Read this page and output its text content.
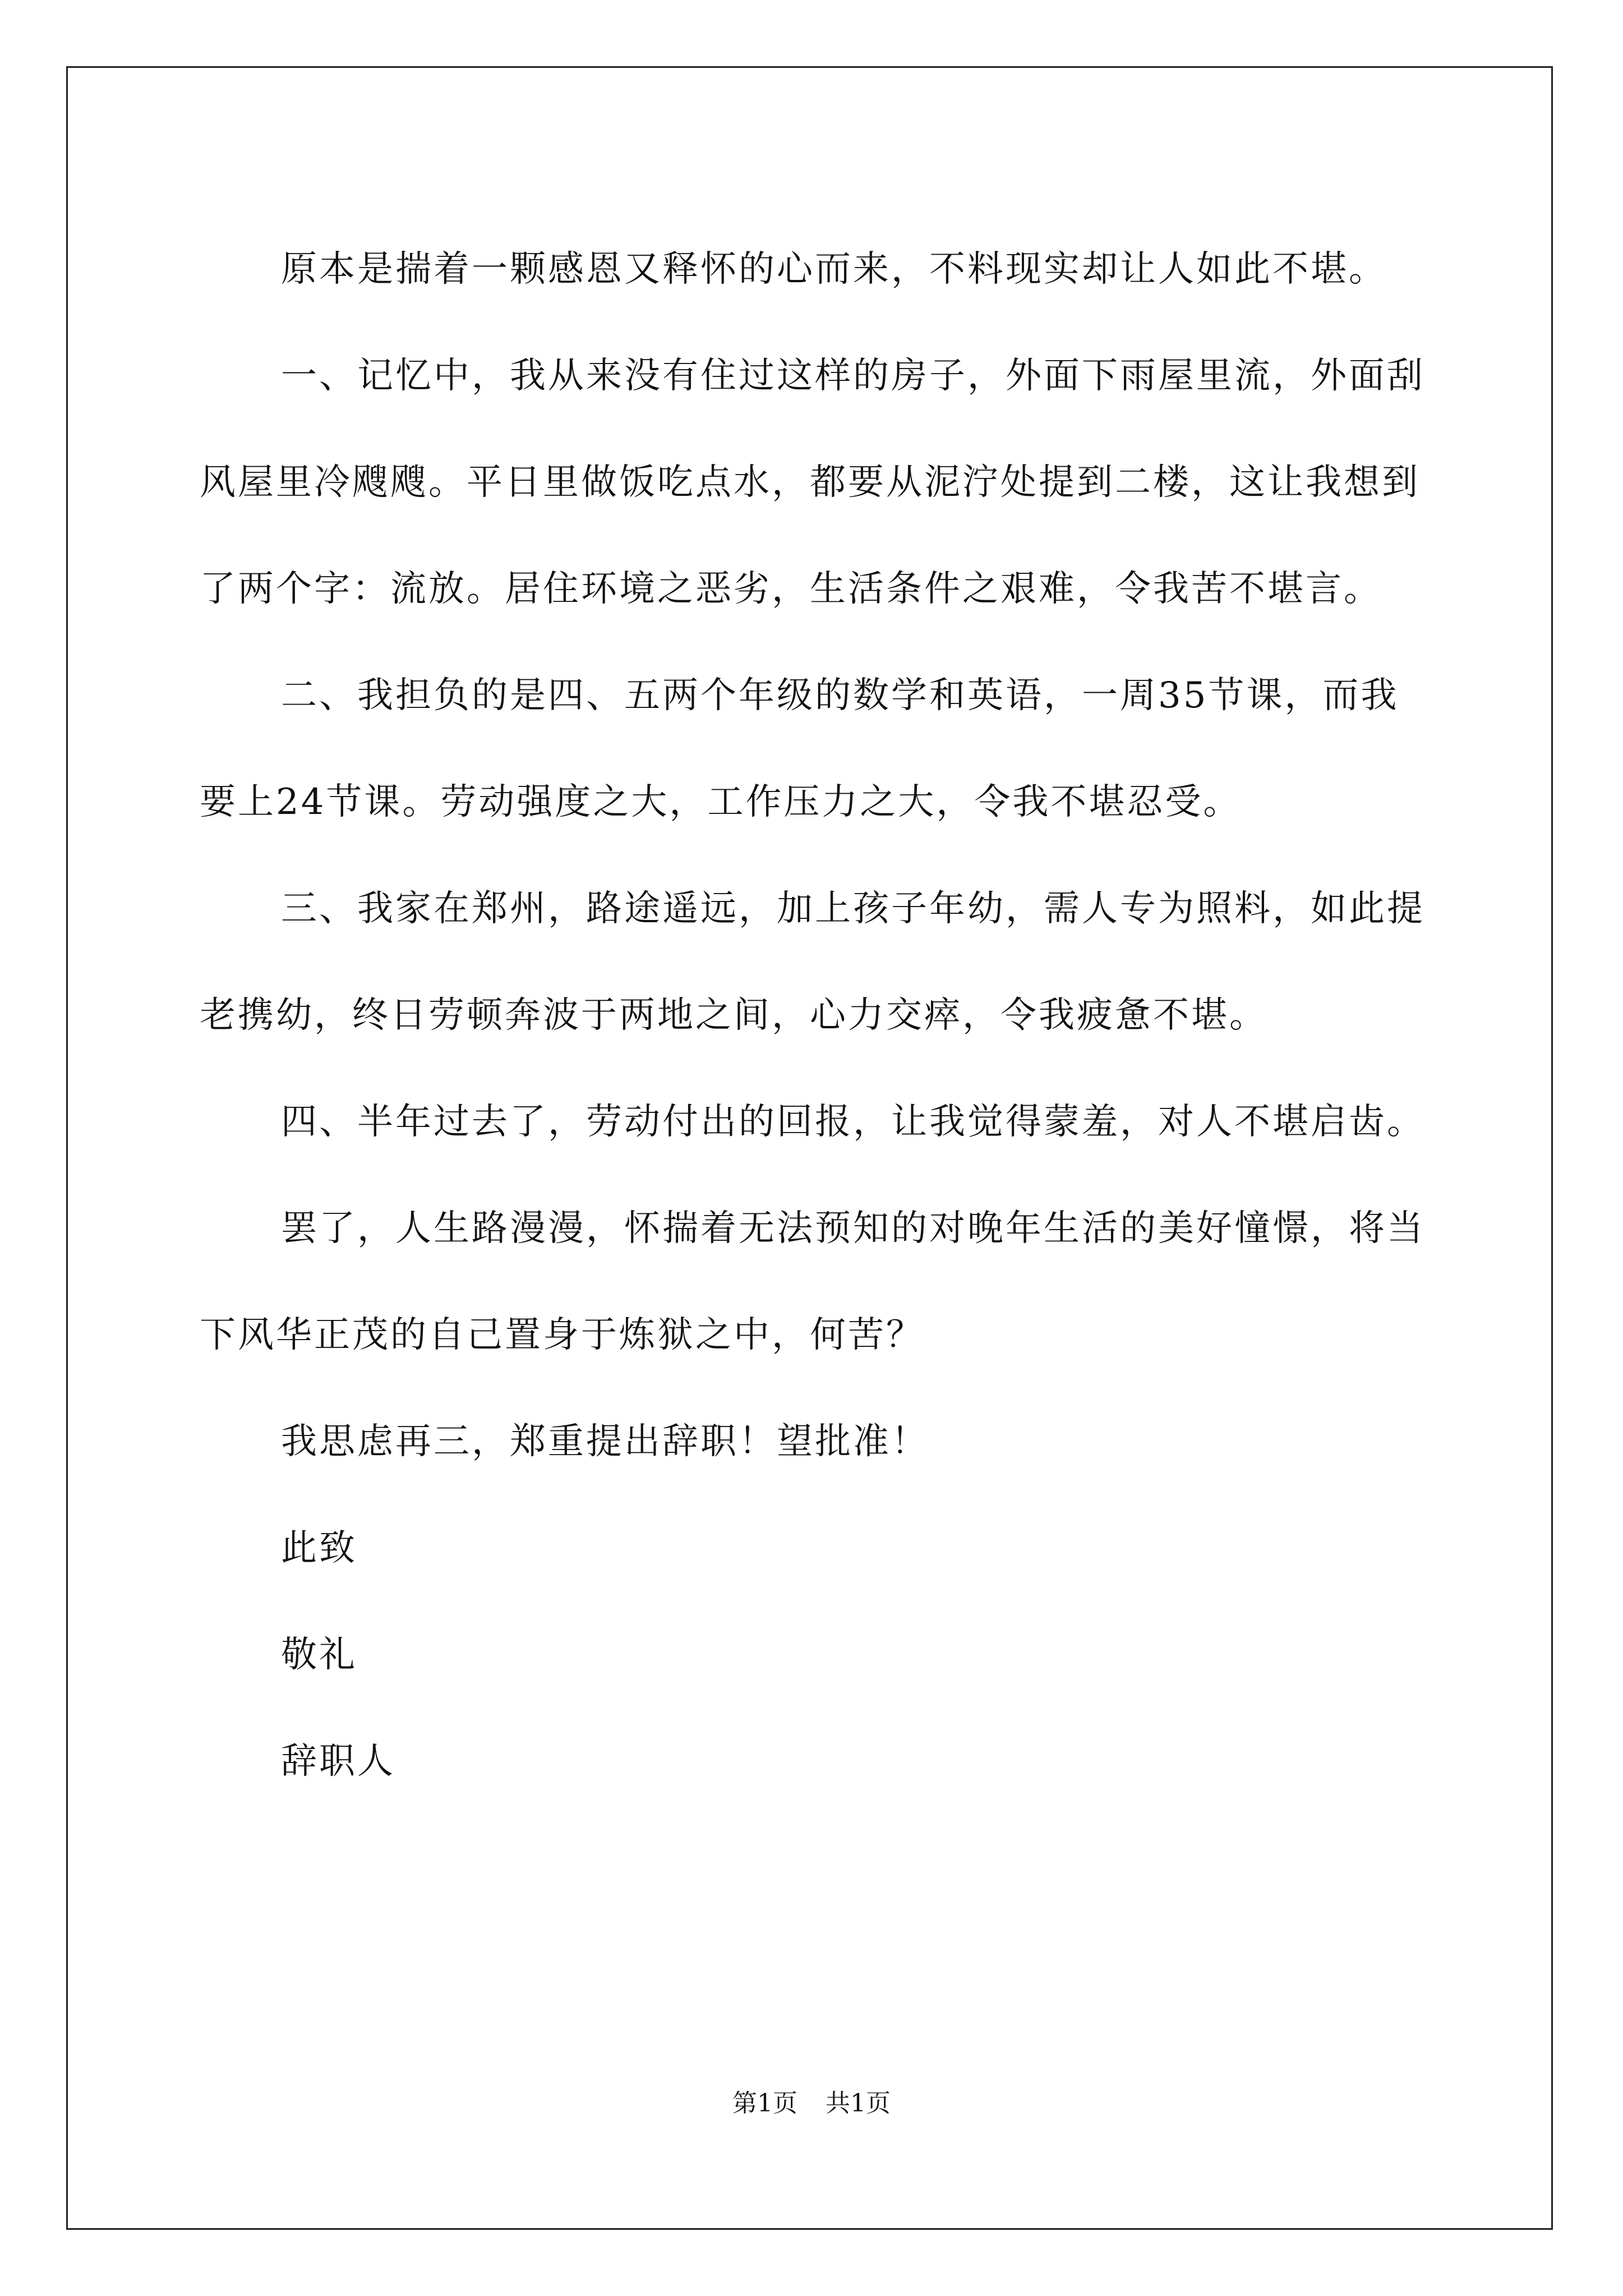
原本是揣着一颗感恩又释怀的心而来，不料现实却让人如此不堪。

一、记忆中，我从来没有住过这样的房子，外面下雨屋里流，外面刮风屋里冷飕飕。平日里做饭吃点水，都要从泥泞处提到二楼，这让我想到了两个字：流放。居住环境之恶劣，生活条件之艰难，令我苦不堪言。

二、我担负的是四、五两个年级的数学和英语，一周35节课，而我要上24节课。劳动强度之大，工作压力之大，令我不堪忍受。

三、我家在郑州，路途遥远，加上孩子年幼，需人专为照料，如此提老携幼，终日劳顿奔波于两地之间，心力交瘁，令我疲惫不堪。

四、半年过去了，劳动付出的回报，让我觉得蒙羞，对人不堪启齿。

罢了，人生路漫漫，怀揣着无法预知的对晚年生活的美好憧憬，将当下风华正茂的自己置身于炼狱之中，何苦？

我思虑再三，郑重提出辞职！望批准！

此致

敬礼

辞职人

第1页 共1页
